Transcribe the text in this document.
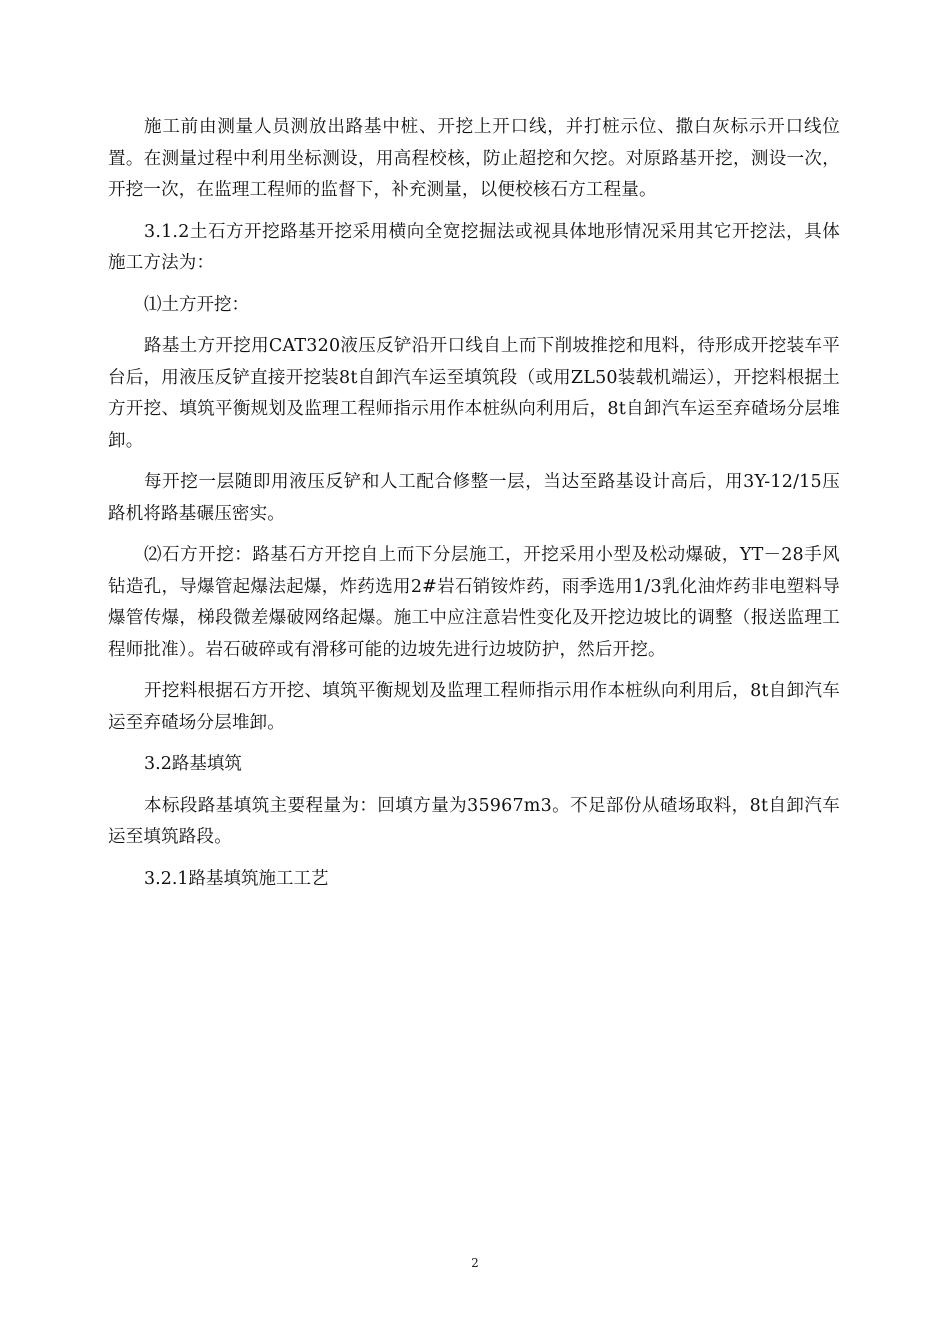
施工前由测量人员测放出路基中桩、开挖上开口线，并打桩示位、撒白灰标示开口线位置。在测量过程中利用坐标测设，用高程校核，防止超挖和欠挖。对原路基开挖，测设一次，开挖一次，在监理工程师的监督下，补充测量，以便校核石方工程量。

3.1.2土石方开挖路基开挖采用横向全宽挖掘法或视具体地形情况采用其它开挖法，具体施工方法为：

⑴土方开挖：

路基土方开挖用CAT320液压反铲沿开口线自上而下削坡推挖和甩料，待形成开挖装车平台后，用液压反铲直接开挖装8t自卸汽车运至填筑段（或用ZL50装载机端运），开挖料根据土方开挖、填筑平衡规划及监理工程师指示用作本桩纵向利用后，8t自卸汽车运至弃碴场分层堆卸。

每开挖一层随即用液压反铲和人工配合修整一层，当达至路基设计高后，用3Y-12/15压路机将路基碾压密实。

⑵石方开挖：路基石方开挖自上而下分层施工，开挖采用小型及松动爆破，YT－28手风钻造孔，导爆管起爆法起爆，炸药选用2#岩石销铵炸药，雨季选用1/3乳化油炸药非电塑料导爆管传爆，梯段微差爆破网络起爆。施工中应注意岩性变化及开挖边坡比的调整（报送监理工程师批准）。岩石破碎或有滑移可能的边坡先进行边坡防护，然后开挖。

开挖料根据石方开挖、填筑平衡规划及监理工程师指示用作本桩纵向利用后，8t自卸汽车运至弃碴场分层堆卸。

3.2路基填筑

本标段路基填筑主要程量为：回填方量为35967m3。不足部份从碴场取料，8t自卸汽车运至填筑路段。

3.2.1路基填筑施工工艺

2
